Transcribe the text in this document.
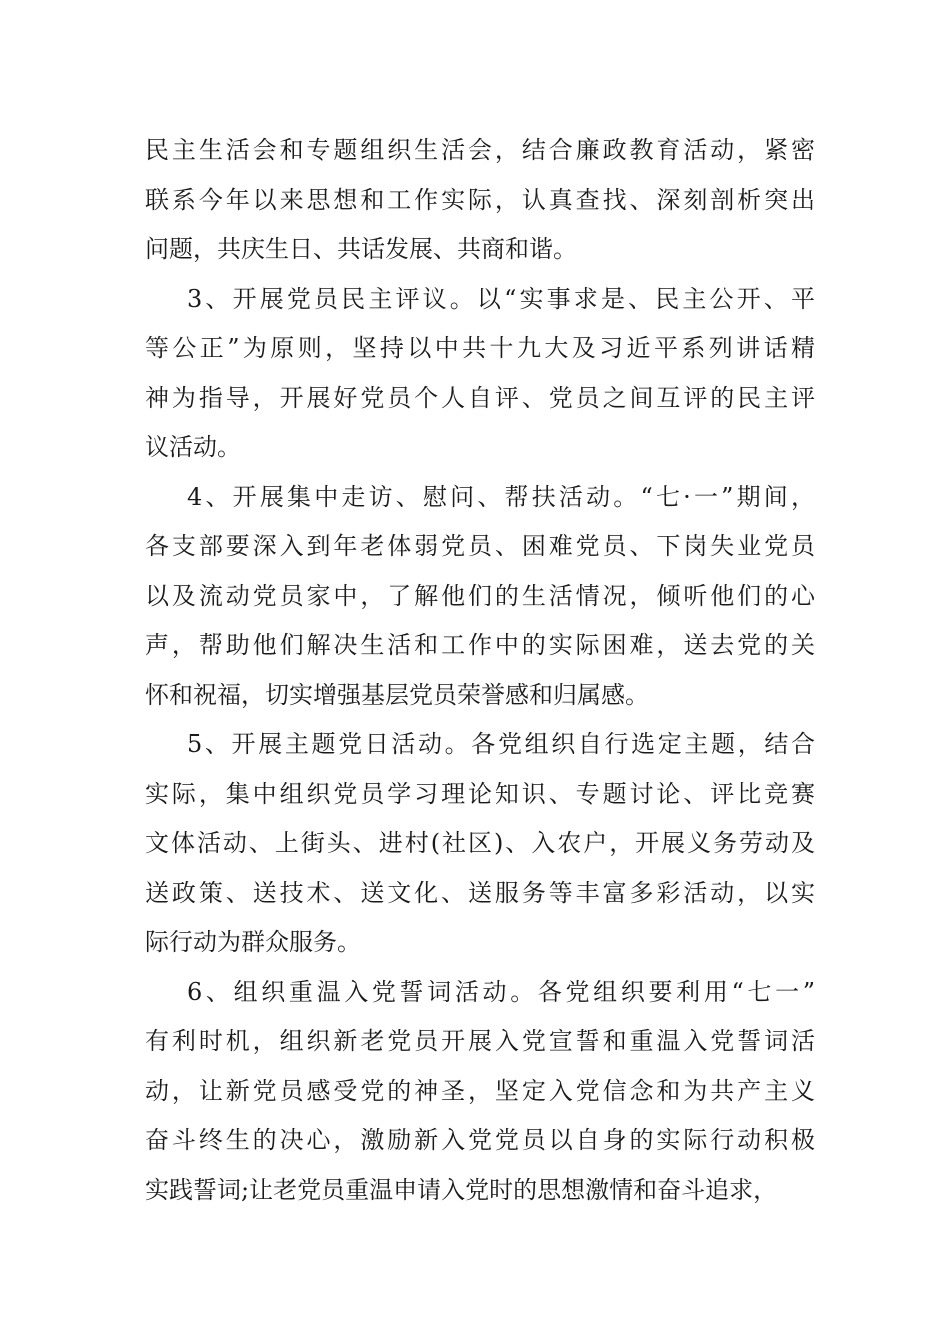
民主生活会和专题组织生活会，结合廉政教育活动，紧密
联系今年以来思想和工作实际，认真查找、深刻剖析突出
问题，共庆生日、共话发展、共商和谐。
3、开展党员民主评议。以“实事求是、民主公开、平
等公正”为原则，坚持以中共十九大及习近平系列讲话精
神为指导，开展好党员个人自评、党员之间互评的民主评
议活动。
4、开展集中走访、慰问、帮扶活动。“七·一”期间，
各支部要深入到年老体弱党员、困难党员、下岗失业党员
以及流动党员家中，了解他们的生活情况，倾听他们的心
声，帮助他们解决生活和工作中的实际困难，送去党的关
怀和祝福，切实增强基层党员荣誉感和归属感。
5、开展主题党日活动。各党组织自行选定主题，结合
实际，集中组织党员学习理论知识、专题讨论、评比竞赛
文体活动、上街头、进村(社区)、入农户，开展义务劳动及
送政策、送技术、送文化、送服务等丰富多彩活动，以实
际行动为群众服务。
6、组织重温入党誓词活动。各党组织要利用“七一”
有利时机，组织新老党员开展入党宣誓和重温入党誓词活
动，让新党员感受党的神圣，坚定入党信念和为共产主义
奋斗终生的决心，激励新入党党员以自身的实际行动积极
实践誓词;让老党员重温申请入党时的思想激情和奋斗追求，
